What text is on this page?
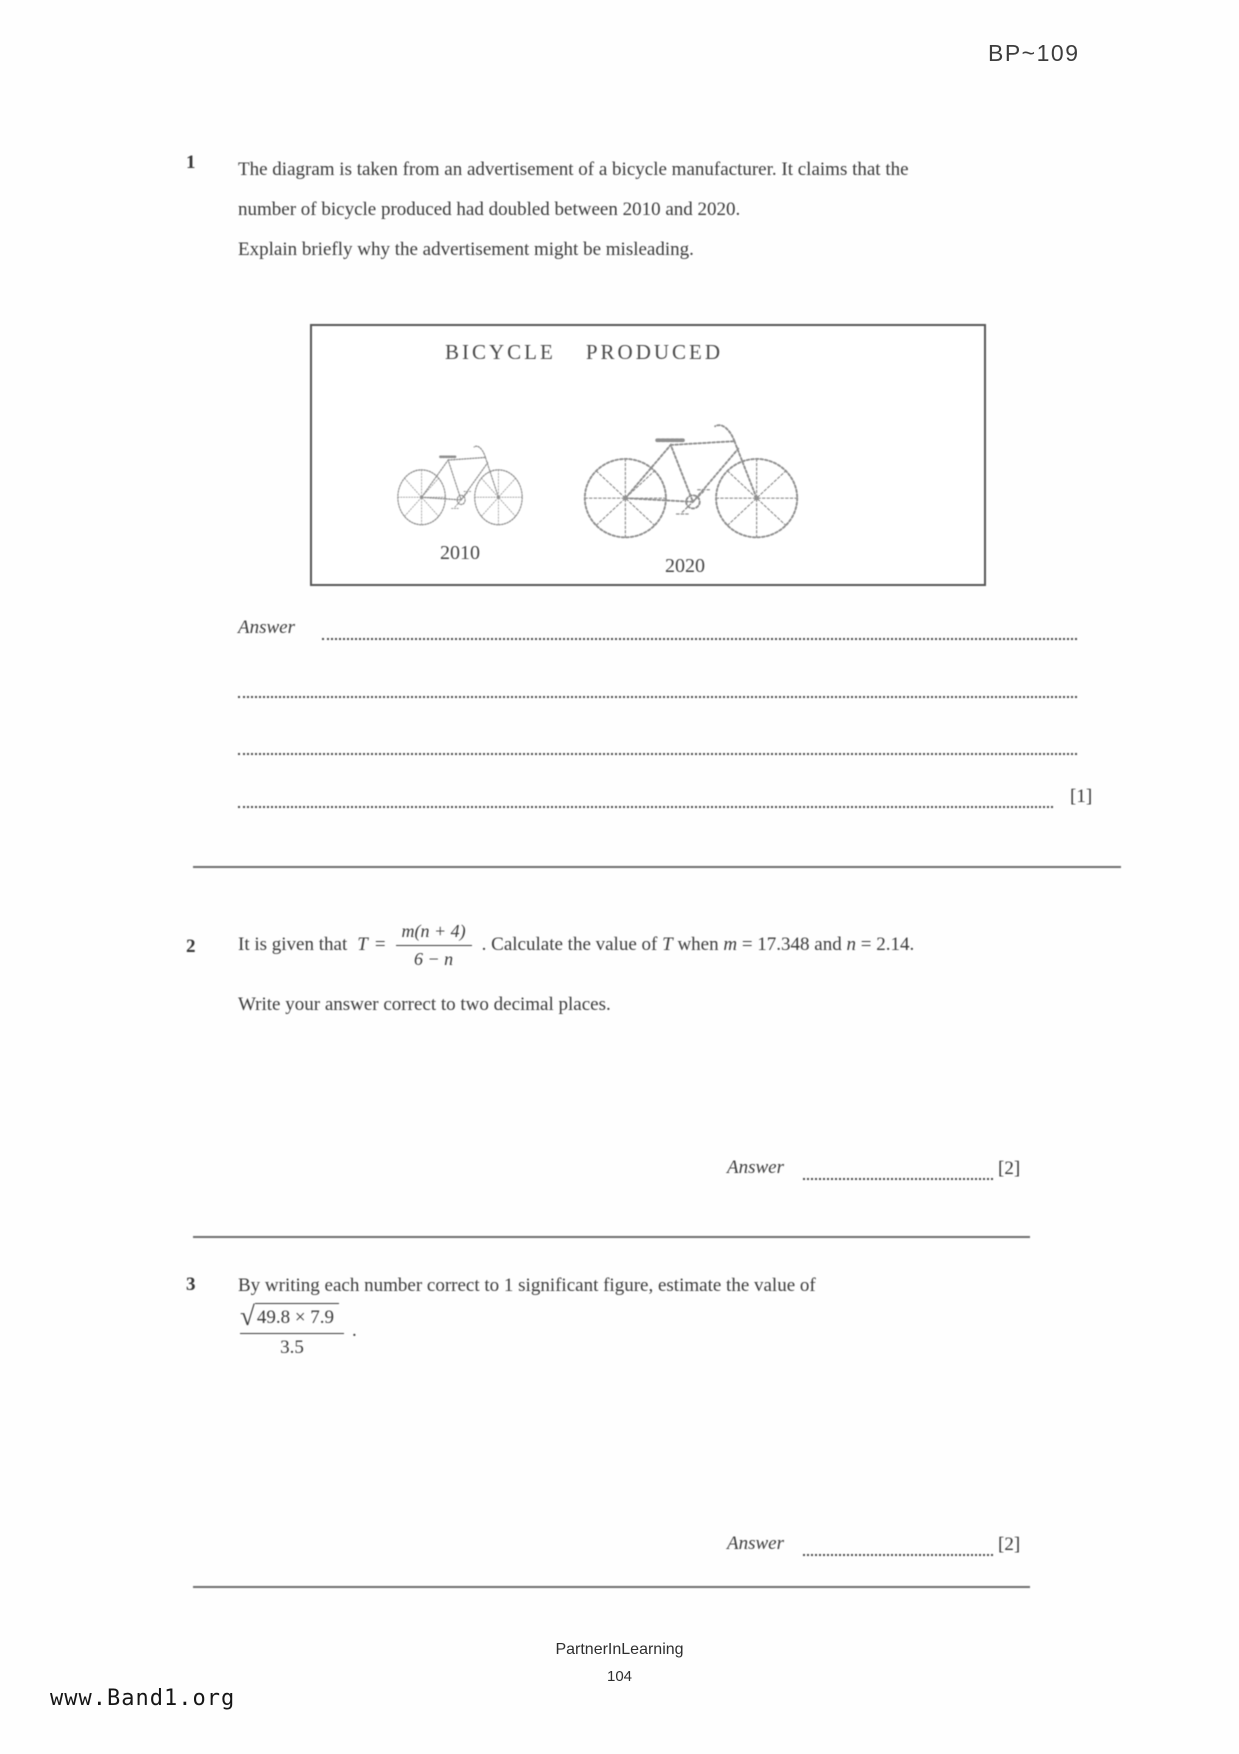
BP~109
1 The diagram is taken from an advertisement of a bicycle manufacturer. It claims that the
number of bicycle produced had doubled between 2010 and 2020.
Explain briefly why the advertisement might be misleading.
BICYCLE PRODUCED
2010
2020
Answer
[1]
2 It is given that $T = \frac{m(n + 4)}{6 - n}$ . Calculate the value of T when m = 17.348 and n = 2.14.
Write your answer correct to two decimal places.
Answer	[2]
3 By writing each number correct to 1 significant figure, estimate the value of
$\frac{√ 49.8 \times 7.9}{3.5}$ .
Answer	[2]
PartnerInLearning
104
www.Band1.org
